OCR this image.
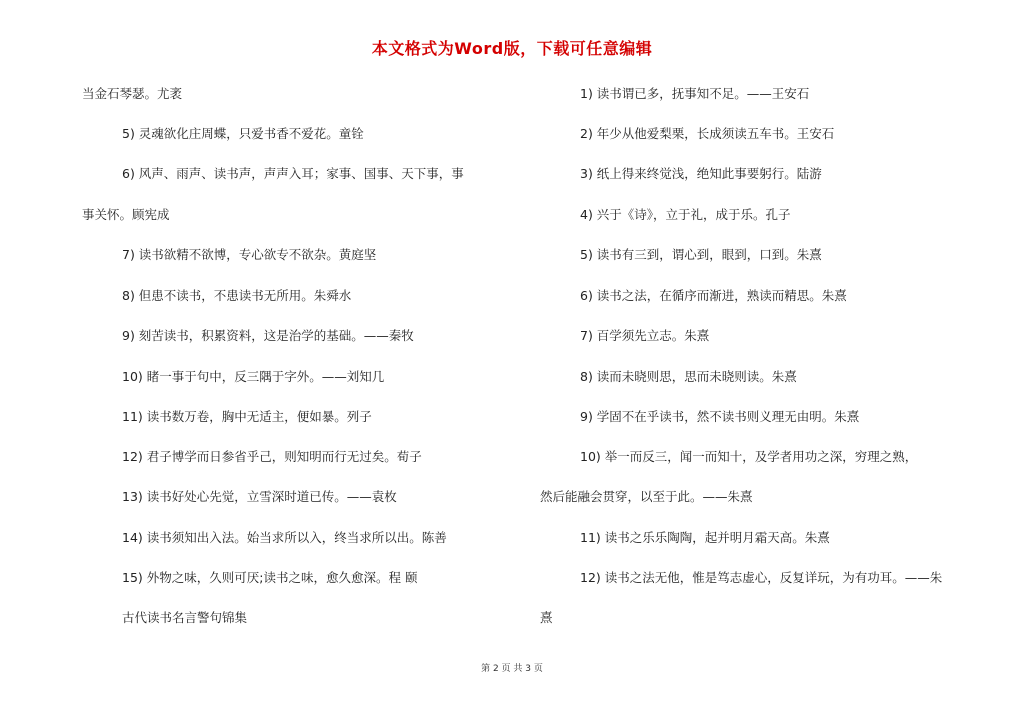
本文格式为Word版，下载可任意编辑
当金石琴瑟。尤袤
5) 灵魂欲化庄周蝶，只爱书香不爱花。童铨
6) 风声、雨声、读书声，声声入耳；家事、国事、天下事，事
事关怀。顾宪成
7) 读书欲精不欲博，专心欲专不欲杂。黄庭坚
8) 但患不读书，不患读书无所用。朱舜水
9) 刻苦读书，积累资料，这是治学的基础。——秦牧
10) 睹一事于句中，反三隅于字外。——刘知几
11) 读书数万卷，胸中无适主，便如暴。列子
12) 君子博学而日参省乎己，则知明而行无过矣。荀子
13) 读书好处心先觉，立雪深时道已传。——袁枚
14) 读书须知出入法。始当求所以入，终当求所以出。陈善
15) 外物之味，久则可厌;读书之味，愈久愈深。程 颐
古代读书名言警句锦集
1) 读书谓已多，抚事知不足。——王安石
2) 年少从他爱梨栗，长成须读五车书。王安石
3) 纸上得来终觉浅，绝知此事要躬行。陆游
4) 兴于《诗》，立于礼，成于乐。孔子
5) 读书有三到，谓心到，眼到，口到。朱熹
6) 读书之法，在循序而渐进，熟读而精思。朱熹
7) 百学须先立志。朱熹
8) 读而未晓则思，思而未晓则读。朱熹
9) 学固不在乎读书，然不读书则义理无由明。朱熹
10) 举一而反三，闻一而知十，及学者用功之深，穷理之熟，
然后能融会贯穿，以至于此。——朱熹
11) 读书之乐乐陶陶，起并明月霜天高。朱熹
12) 读书之法无他，惟是笃志虚心，反复详玩，为有功耳。——朱
熹
第 2 页 共 3 页
